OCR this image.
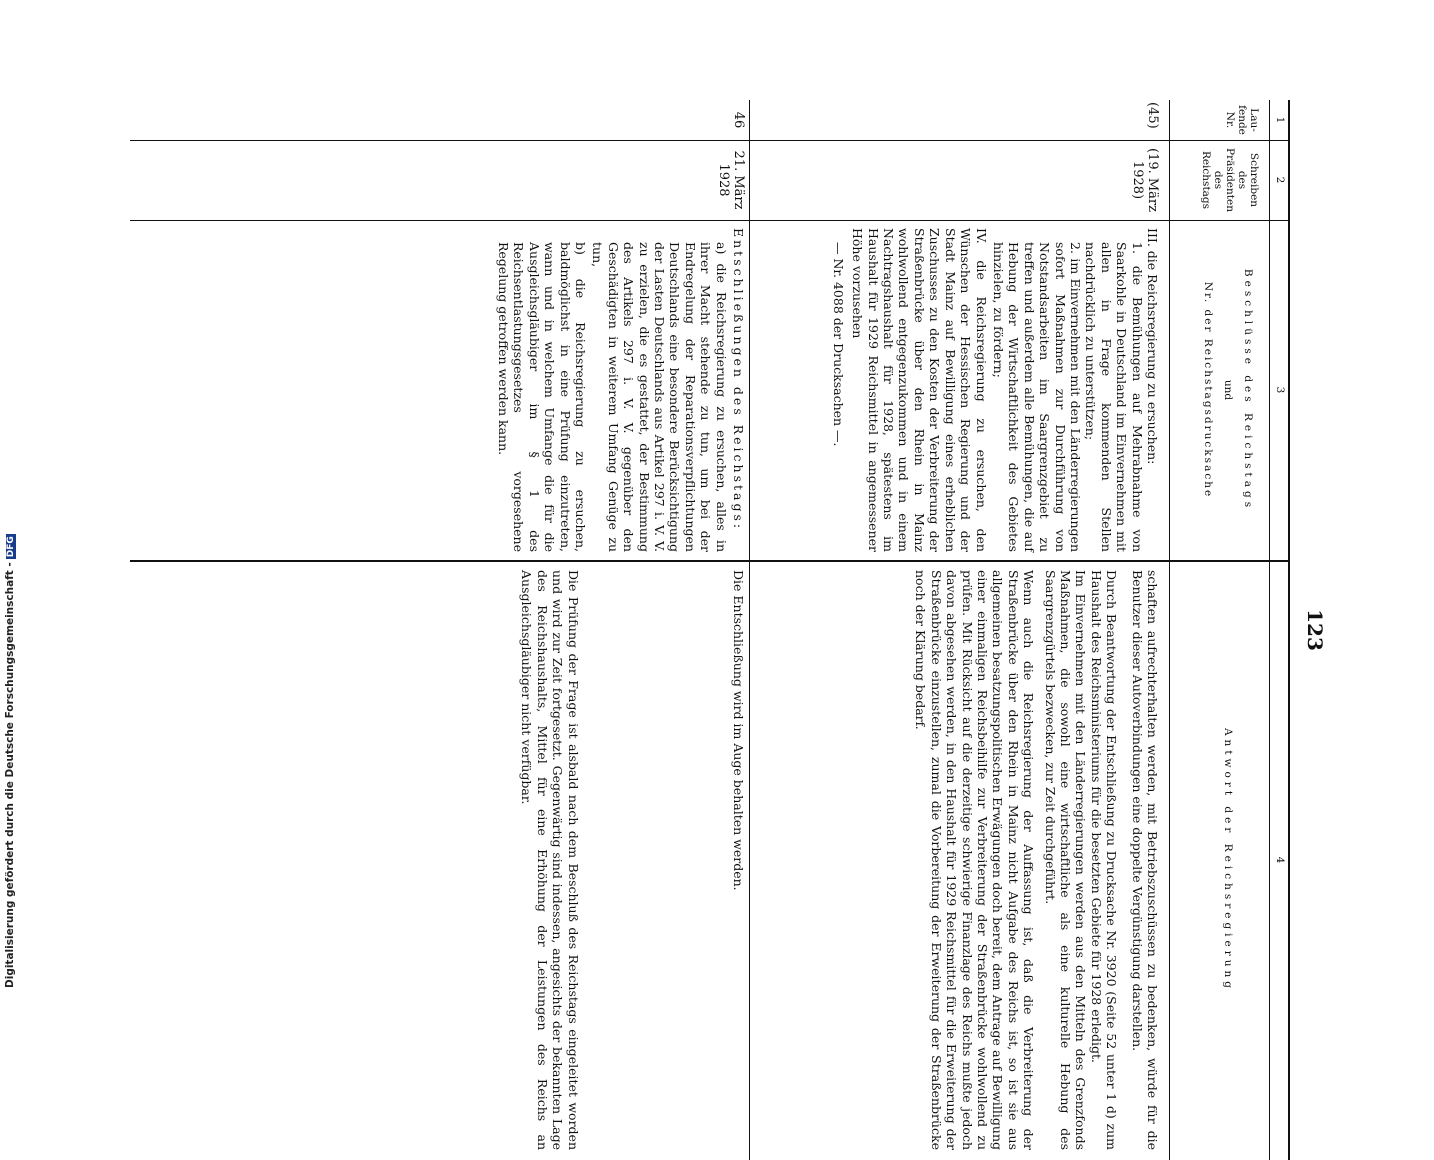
123
1
2
3
4
Lau-fende Nr.
Schreiben des Präsidenten des Reichstags
Beschlüsse des Reichstags
und
Nr. der Reichstagsdrucksache
Antwort der Reichsregierung
(45)
(19. März 1928)

III. die Reichsregierung zu ersuchen:

1. die Bemühungen auf Mehrabnahme von Saarkohle in Deutschland im Einvernehmen mit allen in Frage kommenden Stellen nachdrücklich zu unterstützen;

2. im Einvernehmen mit den Länderregierungen sofort Maßnahmen zur Durchführung von Notstandsarbeiten im Saargrenzgebiet zu treffen und außerdem alle Bemühungen, die auf Hebung der Wirtschaftlichkeit des Gebietes hinzielen, zu fördern;

IV. die Reichsregierung zu ersuchen, den Wünschen der Hessischen Regierung und der Stadt Mainz auf Bewilligung eines erheblichen Zuschusses zu den Kosten der Verbreiterung der Straßenbrücke über den Rhein in Mainz wohlwollend entgegenzukommen und in einem Nachtragshaushalt für 1928, spätestens im Haushalt für 1929 Reichsmittel in angemessener Höhe vorzusehen

— Nr. 4088 der Drucksachen —.

schaften aufrechterhalten werden, mit Betriebszuschüssen zu bedenken, würde für die Benutzer dieser Autoverbindungen eine doppelte Vergünstigung darstellen.

Durch Beantwortung der Entschließung zu Drucksache Nr. 3920 (Seite 52 unter 1 d) zum Haushalt des Reichsministeriums für die besetzten Gebiete für 1928 erledigt.

Im Einvernehmen mit den Länderregierungen werden aus den Mitteln des Grenzfonds Maßnahmen, die sowohl eine wirtschaftliche als eine kulturelle Hebung des Saargrenzgürtels bezwecken, zur Zeit durchgeführt.

Wenn auch die Reichsregierung der Auffassung ist, daß die Verbreiterung der Straßenbrücke über den Rhein in Mainz nicht Aufgabe des Reichs ist, so ist sie aus allgemeinen besatzungspolitischen Erwägungen doch bereit, dem Antrage auf Bewilligung einer einmaligen Reichsbeihilfe zur Verbreiterung der Straßenbrücke wohlwollend zu prüfen. Mit Rücksicht auf die derzeitige schwierige Finanzlage des Reichs mußte jedoch davon abgesehen werden, in den Haushalt für 1929 Reichsmittel für die Erweiterung der Straßenbrücke einzustellen, zumal die Vorbereitung der Erweiterung der Straßenbrücke noch der Klärung bedarf.

46
21. März 1928

Entschließungen des Reichstags:

a) die Reichsregierung zu ersuchen, alles in ihrer Macht stehende zu tun, um bei der Endregelung der Reparationsverpflichtungen Deutschlands eine besondere Berücksichtigung der Lasten Deutschlands aus Artikel 297 i. V. V. zu erzielen, die es gestattet, der Bestimmung des Artikels 297 i. V. V. gegenüber den Geschädigten in weiterem Umfang Genüge zu tun,

b) die Reichsregierung zu ersuchen, baldmöglichst in eine Prüfung einzutreten, wann und in welchem Umfange die für die Ausgleichsgläubiger im § 1 des Reichsentlastungsgesetzes vorgesehene Regelung getroffen werden kann.

Die Entschließung wird im Auge behalten werden.

Die Prüfung der Frage ist alsbald nach dem Beschluß des Reichstags eingeleitet worden und wird zur Zeit fortgesetzt. Gegenwärtig sind indessen, angesichts der bekannten Lage des Reichshaushalts, Mittel für eine Erhöhung der Leistungen des Reichs an Ausgleichsgläubiger nicht verfügbar.

Digitalisierung gefördert durch die Deutsche Forschungsgemeinschaft -DFG
